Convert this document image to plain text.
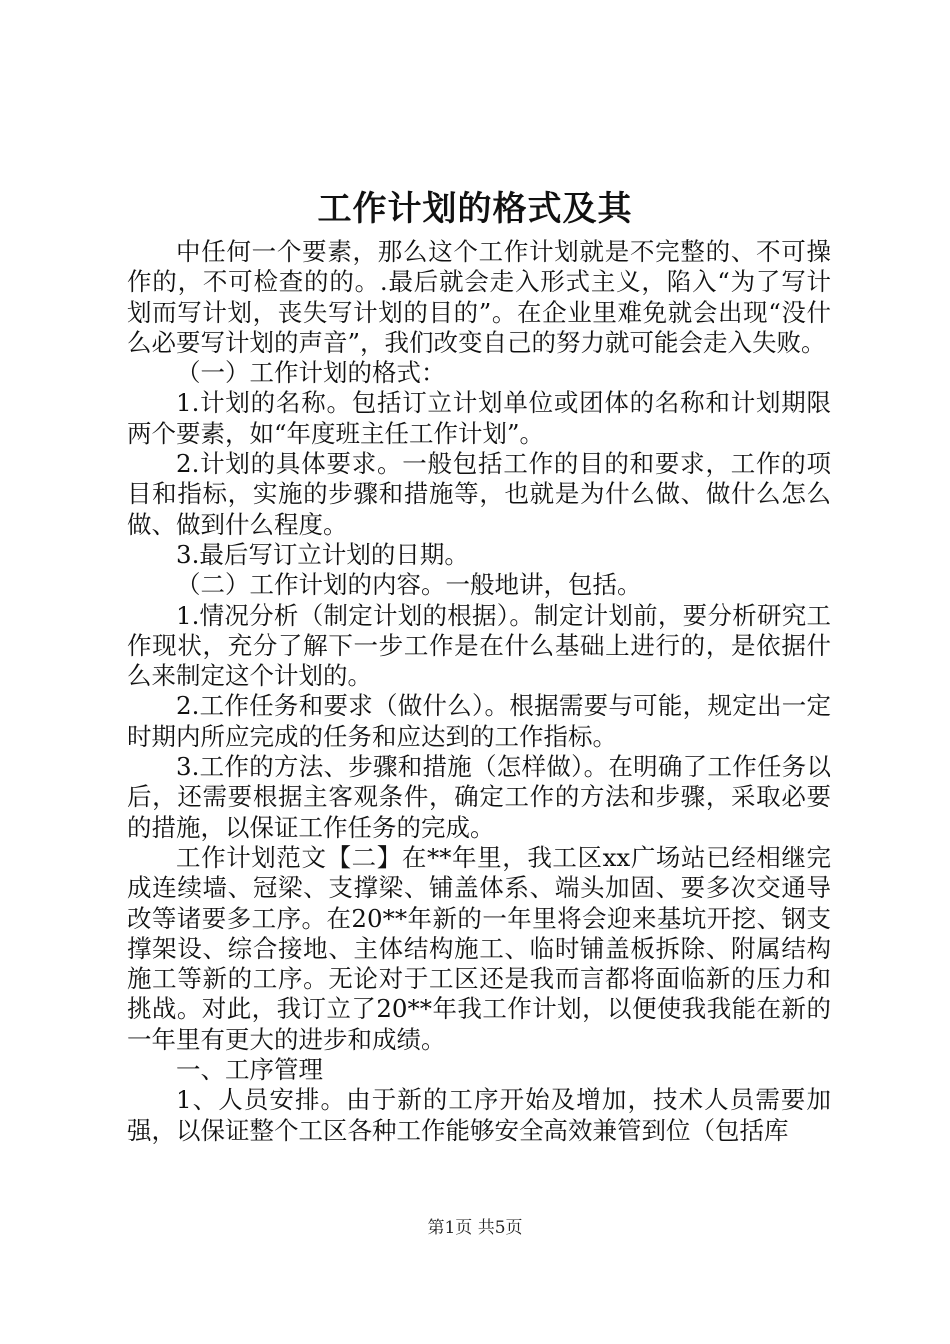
工作计划的格式及其

中任何一个要素，那么这个工作计划就是不完整的、不可操作的，不可检查的的。.最后就会走入形式主义，陷入“为了写计划而写计划，丧失写计划的目的”。在企业里难免就会出现“没什么必要写计划的声音”，我们改变自己的努力就可能会走入失败。

（一）工作计划的格式：

1.计划的名称。包括订立计划单位或团体的名称和计划期限两个要素，如“年度班主任工作计划”。

2.计划的具体要求。一般包括工作的目的和要求，工作的项目和指标，实施的步骤和措施等，也就是为什么做、做什么怎么做、做到什么程度。

3.最后写订立计划的日期。

（二）工作计划的内容。一般地讲，包括。

1.情况分析（制定计划的根据）。制定计划前，要分析研究工作现状，充分了解下一步工作是在什么基础上进行的，是依据什么来制定这个计划的。

2.工作任务和要求（做什么）。根据需要与可能，规定出一定时期内所应完成的任务和应达到的工作指标。

3.工作的方法、步骤和措施（怎样做）。在明确了工作任务以后，还需要根据主客观条件，确定工作的方法和步骤，采取必要的措施，以保证工作任务的完成。

工作计划范文【二】在**年里，我工区xx广场站已经相继完成连续墙、冠梁、支撑梁、铺盖体系、端头加固、要多次交通导改等诸要多工序。在20**年新的一年里将会迎来基坑开挖、钢支撑架设、综合接地、主体结构施工、临时铺盖板拆除、附属结构施工等新的工序。无论对于工区还是我而言都将面临新的压力和挑战。对此，我订立了20**年我工作计划，以便使我我能在新的一年里有更大的进步和成绩。

一、工序管理

1、人员安排。由于新的工序开始及增加，技术人员需要加强，以保证整个工区各种工作能够安全高效兼管到位（包括库

第1页 共5页
